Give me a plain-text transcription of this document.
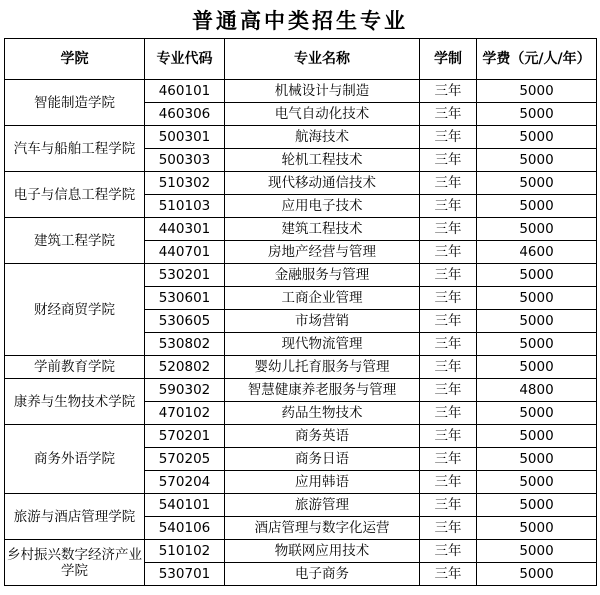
普通高中类招生专业
学院	专业代码	专业名称	学制	学费（元/人/年）
智能制造学院	460101	机械设计与制造	三年	5000
	460306	电气自动化技术	三年	5000
汽车与船舶工程学院	500301	航海技术	三年	5000
	500303	轮机工程技术	三年	5000
电子与信息工程学院	510302	现代移动通信技术	三年	5000
	510103	应用电子技术	三年	5000
建筑工程学院	440301	建筑工程技术	三年	5000
	440701	房地产经营与管理	三年	4600
财经商贸学院	530201	金融服务与管理	三年	5000
	530601	工商企业管理	三年	5000
	530605	市场营销	三年	5000
	530802	现代物流管理	三年	5000
学前教育学院	520802	婴幼儿托育服务与管理	三年	5000
康养与生物技术学院	590302	智慧健康养老服务与管理	三年	4800
	470102	药品生物技术	三年	5000
商务外语学院	570201	商务英语	三年	5000
	570205	商务日语	三年	5000
	570204	应用韩语	三年	5000
旅游与酒店管理学院	540101	旅游管理	三年	5000
	540106	酒店管理与数字化运营	三年	5000
乡村振兴数字经济产业学院	510102	物联网应用技术	三年	5000
	530701	电子商务	三年	5000
